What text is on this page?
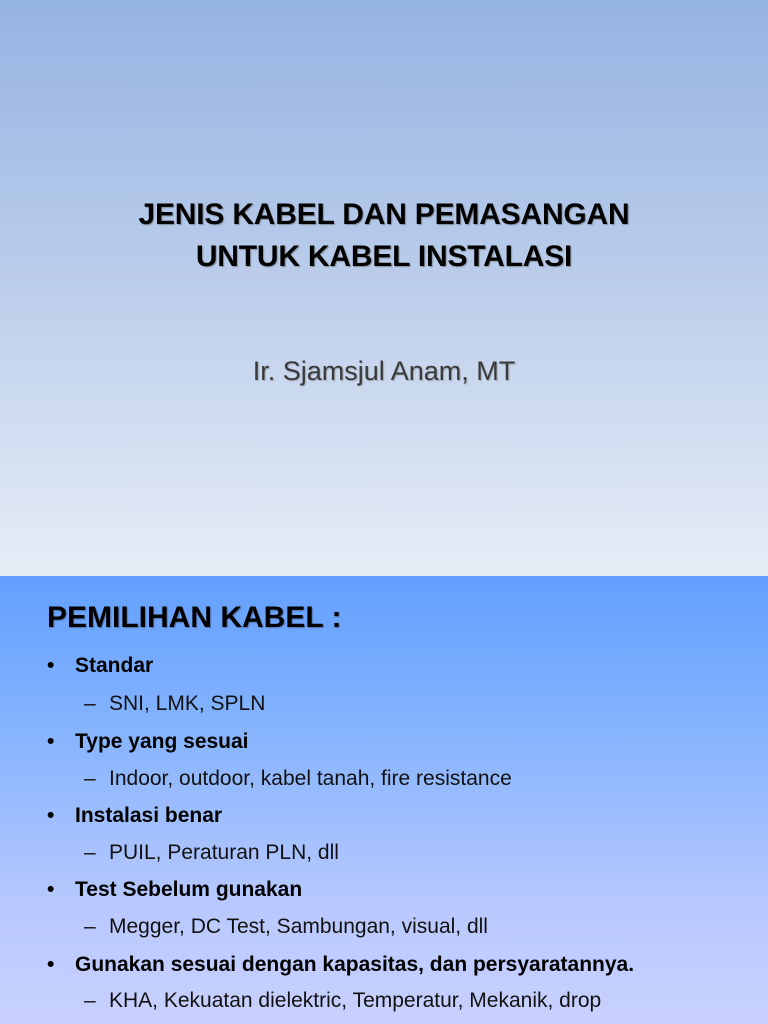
JENIS KABEL DAN PEMASANGAN
UNTUK KABEL INSTALASI
Ir. Sjamsjul Anam, MT
PEMILIHAN KABEL :
• Standar
– SNI, LMK, SPLN
• Type yang sesuai
– Indoor, outdoor, kabel tanah, fire resistance
• Instalasi benar
– PUIL, Peraturan PLN, dll
• Test Sebelum gunakan
– Megger, DC Test, Sambungan, visual, dll
• Gunakan sesuai dengan kapasitas, dan persyaratannya.
– KHA, Kekuatan dielektric, Temperatur, Mekanik, drop
